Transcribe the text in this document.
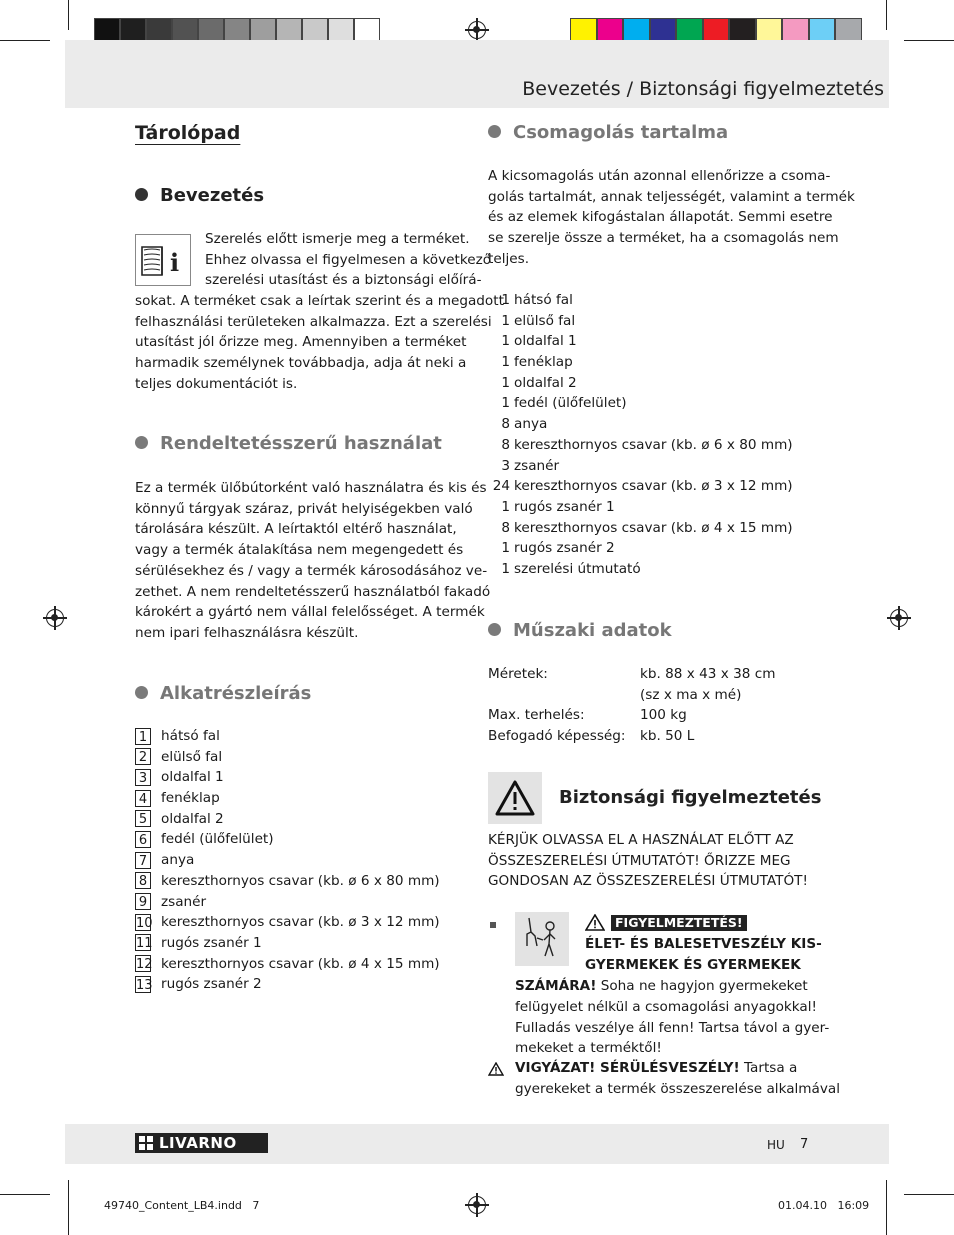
Bevezetés / Biztonsági figyelmeztetés
Tárolópad
Bevezetés
i
Szerelés előtt ismerje meg a terméket.
Ehhez olvassa el figyelmesen a következő
szerelési utasítást és a biztonsági előírá-
sokat. A terméket csak a leírtak szerint és a megadott
felhasználási területeken alkalmazza. Ezt a szerelési
utasítást jól őrizze meg. Amennyiben a terméket
harmadik személynek továbbadja, adja át neki a
teljes dokumentációt is.
Rendeltetésszerű használat
Ez a termék ülőbútorként való használatra és kis és
könnyű tárgyak száraz, privát helyiségekben való
tárolására készült. A leírtaktól eltérő használat,
vagy a termék átalakítása nem megengedett és
sérülésekhez és / vagy a termék károsodásához ve-
zethet. A nem rendeltetésszerű használatból fakadó
károkért a gyártó nem vállal felelősséget. A termék
nem ipari felhasználásra készült.
Alkatrészleírás
1 hátsó fal
2 elülső fal
3 oldalfal 1
4 fenéklap
5 oldalfal 2
6 fedél (ülőfelület)
7 anya
8 kereszthornyos csavar (kb. ø 6 x 80 mm)
9 zsanér
10 kereszthornyos csavar (kb. ø 3 x 12 mm)
11 rugós zsanér 1
12 kereszthornyos csavar (kb. ø 4 x 15 mm)
13 rugós zsanér 2
Csomagolás tartalma
A kicsomagolás után azonnal ellenőrizze a csoma-
golás tartalmát, annak teljességét, valamint a termék
és az elemek kifogástalan állapotát. Semmi esetre
se szerelje össze a terméket, ha a csomagolás nem
teljes.
1 hátsó fal
1 elülső fal
1 oldalfal 1
1 fenéklap
1 oldalfal 2
1 fedél (ülőfelület)
8 anya
8 kereszthornyos csavar (kb. ø 6 x 80 mm)
3 zsanér
24 kereszthornyos csavar (kb. ø 3 x 12 mm)
1 rugós zsanér 1
8 kereszthornyos csavar (kb. ø 4 x 15 mm)
1 rugós zsanér 2
1 szerelési útmutató
Műszaki adatok
Méretek:	kb. 88 x 43 x 38 cm
(sz x ma x mé)
Max. terhelés:	100 kg
Befogadó képesség:	kb. 50 L
Biztonsági figyelmeztetés
KÉRJÜK OLVASSA EL A HASZNÁLAT ELŐTT AZ
ÖSSZESZERELÉSI ÚTMUTATÓT! ŐRIZZE MEG
GONDOSAN AZ ÖSSZESZERELÉSI ÚTMUTATÓT!
FIGYELMEZTETÉS!
ÉLET- ÉS BALESETVESZÉLY KIS-
GYERMEKEK ÉS GYERMEKEK
SZÁMÁRA! Soha ne hagyjon gyermekeket
felügyelet nélkül a csomagolási anyagokkal!
Fulladás veszélye áll fenn! Tartsa távol a gyer-
mekeket a terméktől!
VIGYÁZAT! SÉRÜLÉSVESZÉLY! Tartsa a
gyerekeket a termék összeszerelése alkalmával
LIVARNO	HU 7
49740_Content_LB4.indd   7	01.04.10   16:09
